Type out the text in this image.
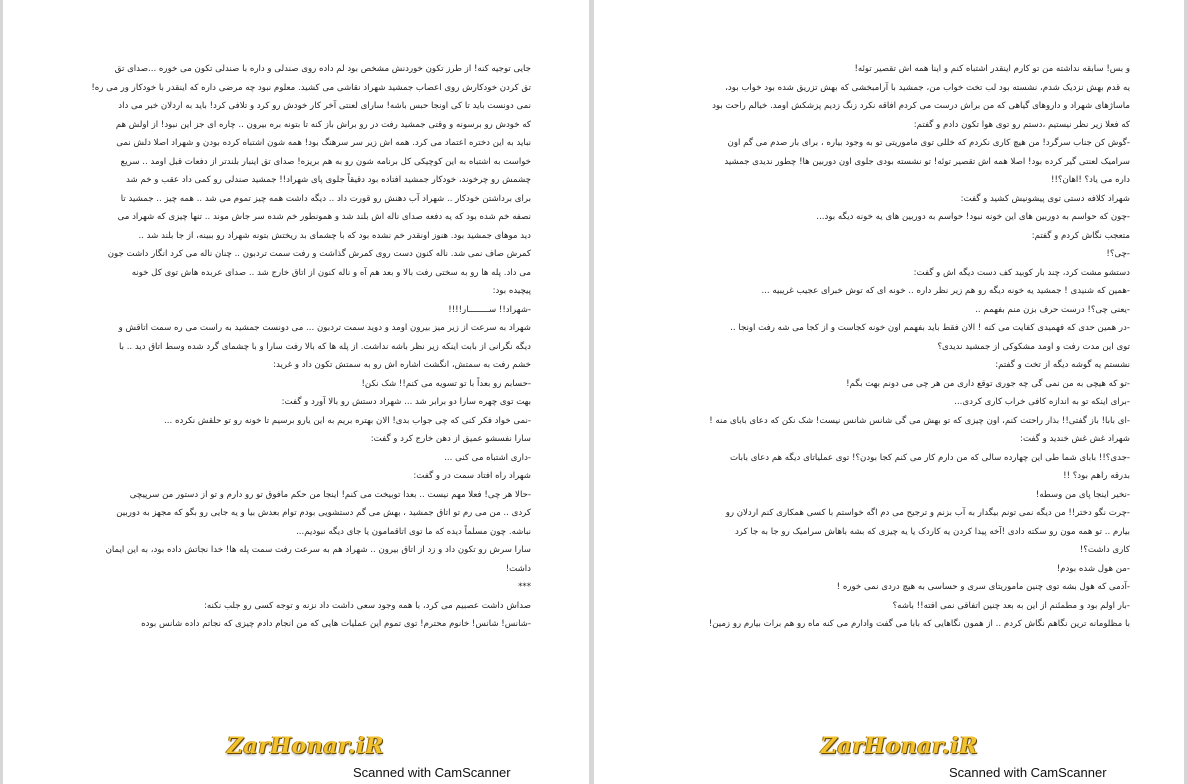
جایی توجیه کنه! از طرز تکون خوردنش مشخص بود لم داده روی صندلی و داره با صندلی تکون می خوره ...صدای تق
تق کردن خودکارش روی اعصاب جمشید شهراد نقاشی می کشید. معلوم نبود چه مرضی داره که اینقدر با خودکار ور می ره!
نمی دونست باید تا کی اونجا حبس باشه! سارای لعنتی آخر کار خودش رو کرد و تلافی کرد! باید به اردلان خبر می داد
که خودش رو برسونه و وقتی جمشید رفت در رو براش باز کنه تا بتونه بره بیرون .. چاره ای جز این نبود! از اولش هم
نباید به این دختره اعتماد می کرد. همه اش زیر سر سرهنگ بود! همه شون اشتباه کرده بودن و شهراد اصلا دلش نمی
خواست به اشتباه به این کوچیکی کل برنامه شون رو به هم بریزه! صدای تق اینبار بلندتر از دفعات قبل اومد .. سریع
چشمش رو چرخوند، خودکار جمشید افتاده بود دقیقاً جلوی پای شهراد!! جمشید صندلی رو کمی داد عقب و خم شد
برای برداشتن خودکار .. شهراد آب دهنش رو قورت داد .. دیگه داشت همه چیز تموم می شد .. همه چیز .. جمشید تا
نصفه خم شده بود که یه دفعه صدای ناله اش بلند شد و همونطور خم شده سر جاش موند .. تنها چیزی که شهراد می
دید موهای جمشید بود. هنوز اونقدر خم نشده بود که با چشمای بد ریختش بتونه شهراد رو ببینه، از جا بلند شد ..
کمرش صاف نمی شد. ناله کنون دست روی کمرش گذاشت و رفت سمت تردبون .. چنان ناله می کرد انگار داشت جون
می داد. پله ها رو به سختی رفت بالا و بعد هم آه و ناله کنون از اتاق خارج شد .. صدای عربده هاش توی کل خونه
پیچیده بود:
-شهراد!! ســــــــار!!!!
شهراد به سرعت از زیر میز بیرون اومد و دوید سمت تردبون ... می دونست جمشید به راست می ره سمت اتاقش و
دیگه نگرانی از بابت اینکه زیر نظر باشه نداشت. از پله ها که بالا رفت سارا و با چشمای گرد شده وسط اتاق دید .. با
خشم رفت به سمتش، انگشت اشاره اش رو به سمتش تکون داد و غرید:
-حسابم رو بعداً با تو تسویه می کنم!! شک نکن!
بهت توی چهره سارا دو برابر شد ... شهراد دستش رو بالا آورد و گفت:
-نمی خواد فکر کنی که چی جواب بدی! الان بهتره بریم به این یارو برسیم تا خونه رو تو حلقش نکرده ...
سارا نفسشو عمیق از دهن خارج کرد و گفت:
-داری اشتباه می کنی ...
شهراد راه افتاد سمت در و گفت:
-حالا هر چی! فعلا مهم نیست .. بعدا توبیخت می کنم! اینجا من حکم مافوق تو رو دارم و تو از دستور من سرپیچی
کردی .. من می رم تو اتاق جمشید ، بهش می گم دستشویی بودم توام بعدش بیا و یه جایی رو بگو که مجهز به دوربین
نباشه. چون مسلماً دیده که ما توی اتاقمامون یا جای دیگه نبودیم...
سارا سرش رو تکون داد و زد از اتاق بیرون .. شهراد هم به سرعت رفت سمت پله ها! خدا نجاتش داده بود، به این ایمان
داشت!
***
صداش داشت عصبیم می کرد، با همه وجود سعی داشت داد نزنه و توجه کسی رو جلب نکنه:
-شانس! شانس! خانوم محترم! توی تموم این عملیات هایی که من انجام دادم چیزی که نجاتم داده شانس بوده
ZarHonar.iR
Scanned with CamScanner
و بس! سابقه نداشته من تو کارم اینقدر اشتباه کنم و اینا همه اش تقصیر توئه!
یه قدم بهش نزدیک شدم، نشسته بود لب تخت خواب من، جمشید با آرامبخشی که بهش تزریق شده بود خواب بود،
ماساژهای شهراد و داروهای گیاهی که من براش درست می کردم افاقه نکرد زنگ زدیم پزشکش اومد. خیالم راحت بود
که فعلا زیر نظر نیستیم ،دستم رو توی هوا تکون دادم و گفتم:
-گوش کن جناب سرگرد! من هیچ کاری نکردم که خللی توی ماموریتی تو به وجود بیاره ، برای بار صدم می گم اون
سرامیک لعنتی گیر کرده بود! اصلا همه اش تقصیر توئه! تو نشسته بودی جلوی اون دوربین ها! چطور ندیدی جمشید
داره می یاد؟ !اهان؟!!
شهراد کلافه دستی توی پیشونیش کشید و گفت:
-چون که حواسم به دوربین های این خونه نبود! حواسم به دوربین های یه خونه دیگه بود...
متعجب نگاش کردم و گفتم:
-چی؟!
دستشو مشت کرد، چند بار کوبید کف دست دیگه اش و گفت:
-همین که شنیدی ! جمشید یه خونه دیگه رو هم زیر نظر داره .. خونه ای که توش خبرای عجیب غریبیه ...
-یعنی چی؟! درست حرف بزن منم بفهمم ..
-در همین حدی که فهمیدی کفایت می کنه ! الان فقط باید بفهمم اون خونه کجاست و از کجا می شه رفت اونجا ..
توی این مدت رفت و اومد مشکوکی از جمشید ندیدی؟
نشستم یه گوشه دیگه از تخت و گفتم:
-تو که هیچی به من نمی گی چه جوری توقع داری من هر چی می دونم بهت بگم!
-برای اینکه تو به اندازه کافی خراب کاری کردی...
-ای بابا! باز گفتی!! بذار راحتت کنم، اون چیزی که تو بهش می گی شانس شانس نیست! شک نکن که دعای بابای منه !
شهراد غش غش خندید و گفت:
-جدی؟!! بابای شما طی این چهارده سالی که من دارم کار می کنم کجا بودن؟! توی عملیاتای دیگه هم دعای بابات
بدرقه راهم بود؟ !!
-نخیر اینجا پای من وسطه!
-چرت نگو دختر!! من دیگه نمی تونم بیگدار به آب بزنم و ترجیح می دم اگه خواستم با کسی همکاری کنم اردلان رو
بیارم .. تو همه مون رو سکته دادی !آخه پیدا کردن یه کاردک یا یه چیزی که بشه باهاش سرامیک رو جا به جا کرد
کاری داشت؟!
-من هول شده بودم!
-آدمی که هول بشه توی چنین ماموریتای سری و حساسی به هیچ دردی نمی خوره !
-بار اولم بود و مطمئنم از این به بعد چنین اتفاقی نمی افته!! باشه؟
با مظلومانه ترین نگاهم نگاش کردم .. از همون نگاهایی که بابا می گفت وادارم می کنه ماه رو هم برات بیارم رو زمین!
ZarHonar.iR
Scanned with CamScanner
